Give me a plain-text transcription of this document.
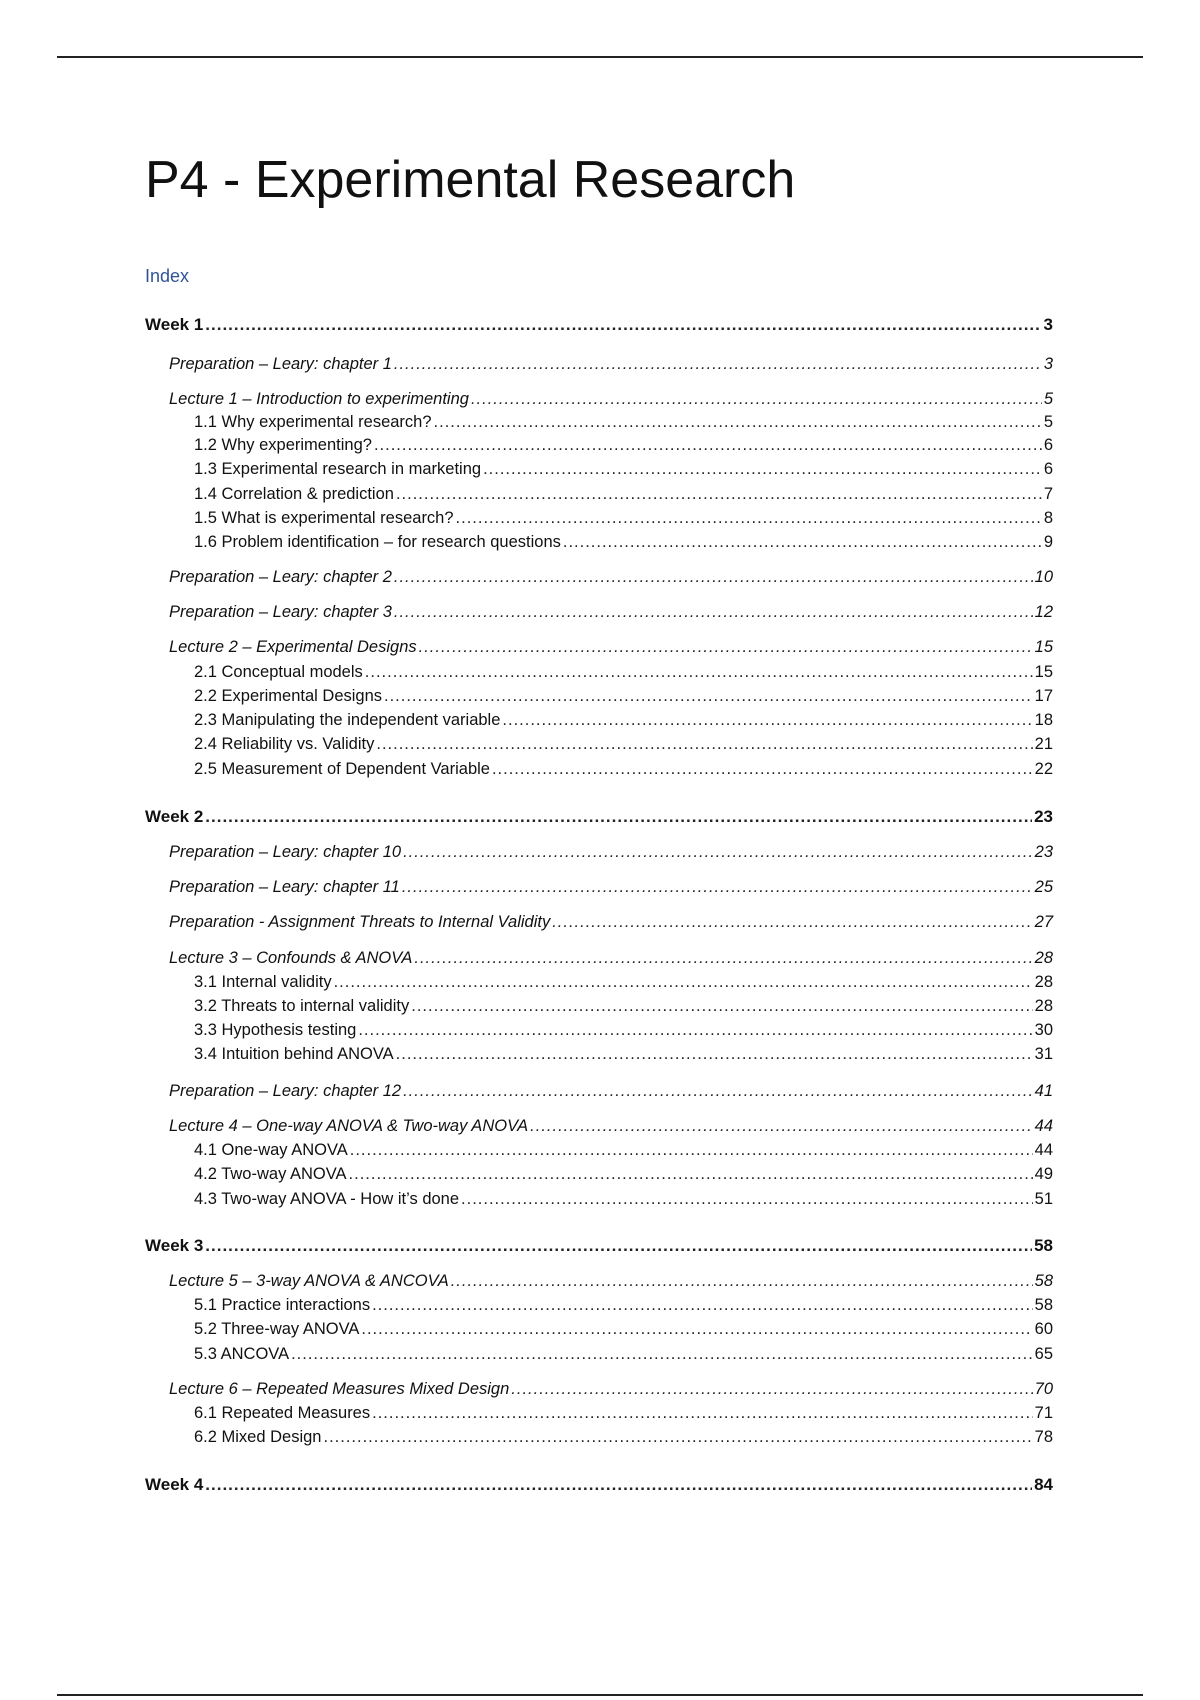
P4 - Experimental Research
Index
Week 1 .....	3
Preparation – Leary: chapter 1 .....	3
Lecture 1 – Introduction to experimenting .....	5
1.1 Why experimental research? .....	5
1.2 Why experimenting? .....	6
1.3 Experimental research in marketing .....	6
1.4 Correlation & prediction .....	7
1.5 What is experimental research? .....	8
1.6 Problem identification – for research questions .....	9
Preparation – Leary: chapter 2 .....	10
Preparation – Leary: chapter 3 .....	12
Lecture 2 – Experimental Designs .....	15
2.1 Conceptual models .....	15
2.2 Experimental Designs .....	17
2.3 Manipulating the independent variable .....	18
2.4 Reliability vs. Validity .....	21
2.5 Measurement of Dependent Variable .....	22
Week 2 .....	23
Preparation – Leary: chapter 10 .....	23
Preparation – Leary: chapter 11 .....	25
Preparation - Assignment Threats to Internal Validity .....	27
Lecture 3 – Confounds & ANOVA .....	28
3.1 Internal validity .....	28
3.2 Threats to internal validity .....	28
3.3 Hypothesis testing .....	30
3.4 Intuition behind ANOVA .....	31
Preparation – Leary: chapter 12 .....	41
Lecture 4 – One-way ANOVA & Two-way ANOVA .....	44
4.1 One-way ANOVA .....	44
4.2 Two-way ANOVA .....	49
4.3 Two-way ANOVA - How it’s done .....	51
Week 3 .....	58
Lecture 5 – 3-way ANOVA & ANCOVA .....	58
5.1 Practice interactions .....	58
5.2 Three-way ANOVA .....	60
5.3 ANCOVA .....	65
Lecture 6 – Repeated Measures Mixed Design .....	70
6.1 Repeated Measures .....	71
6.2 Mixed Design .....	78
Week 4 .....	84
